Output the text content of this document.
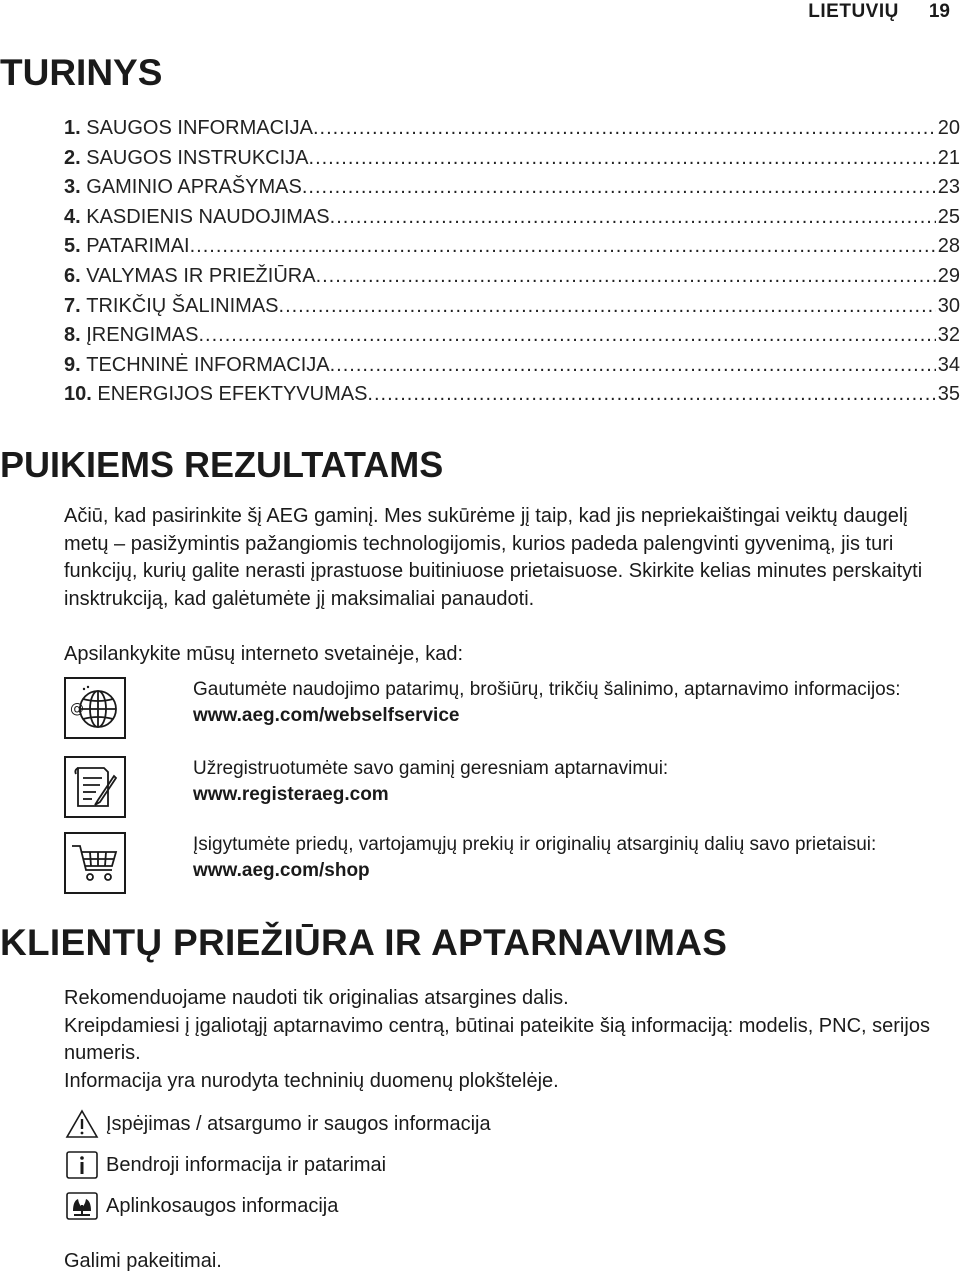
LIETUVIŲ 19
TURINYS
1. SAUGOS INFORMACIJA .....	20
2. SAUGOS INSTRUKCIJA .....	21
3. GAMINIO APRAŠYMAS .....	23
4. KASDIENIS NAUDOJIMAS .....	25
5. PATARIMAI .....	28
6. VALYMAS IR PRIEŽIŪRA .....	29
7. TRIKČIŲ ŠALINIMAS .....	30
8. ĮRENGIMAS .....	32
9. TECHNINĖ INFORMACIJA .....	34
10. ENERGIJOS EFEKTYVUMAS .....	35
PUIKIEMS REZULTATAMS

Ačiū, kad pasirinkite šį AEG gaminį. Mes sukūrėme jį taip, kad jis nepriekaištingai veiktų daugelį metų – pasižymintis pažangiomis technologijomis, kurios padeda palengvinti gyvenimą, jis turi funkcijų, kurių galite nerasti įprastuose buitiniuose prietaisuose. Skirkite kelias minutes perskaityti insktrukciją, kad galėtumėte jį maksimaliai panaudoti.

Apsilankykite mūsų interneto svetainėje, kad:
@
Gautumėte naudojimo patarimų, brošiūrų, trikčių šalinimo, aptarnavimo informacijos:
www.aeg.com/webselfservice
Užregistruotumėte savo gaminį geresniam aptarnavimui:
www.registeraeg.com
Įsigytumėte priedų, vartojamųjų prekių ir originalių atsarginių dalių savo prietaisui:
www.aeg.com/shop
KLIENTŲ PRIEŽIŪRA IR APTARNAVIMAS

Rekomenduojame naudoti tik originalias atsargines dalis.

Kreipdamiesi į įgaliotąjį aptarnavimo centrą, būtinai pateikite šią informaciją: modelis, PNC, serijos numeris.

Informacija yra nurodyta techninių duomenų plokštelėje.

Įspėjimas / atsargumo ir saugos informacija
Bendroji informacija ir patarimai
Aplinkosaugos informacija
Galimi pakeitimai.
